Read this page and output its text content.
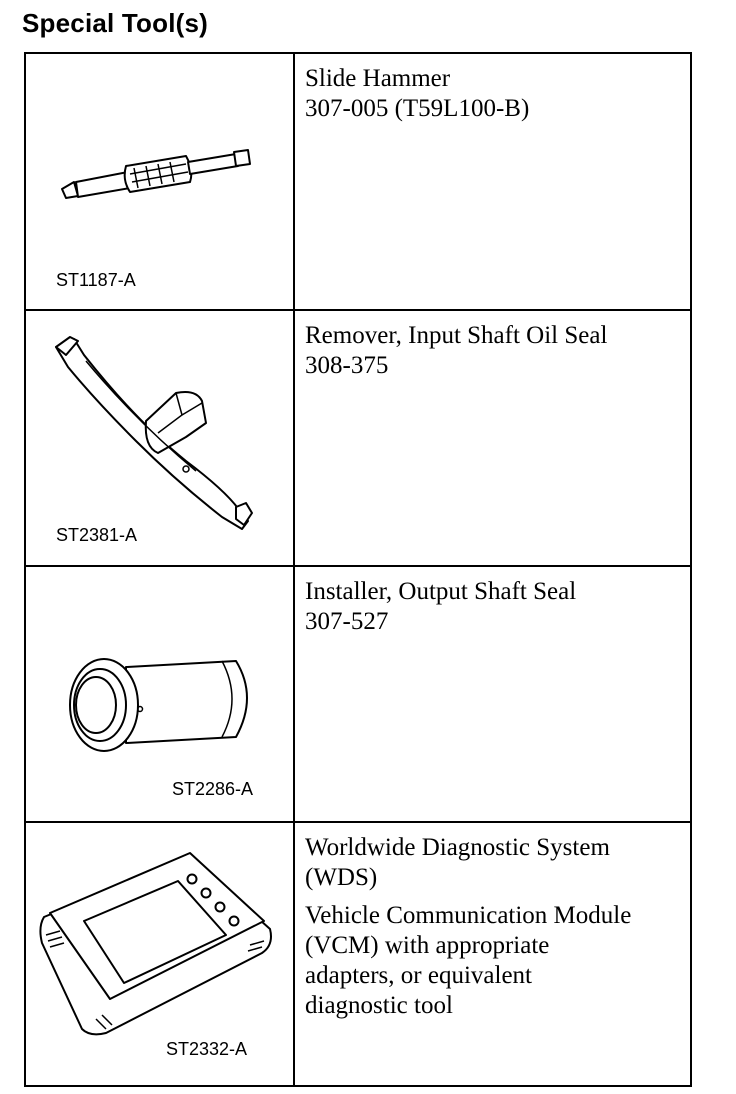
Special Tool(s)
ST1187-A
Slide Hammer
307-005 (T59L100-B)
ST2381-A
Remover, Input Shaft Oil Seal
308-375
ST2286-A
Installer, Output Shaft Seal
307-527
ST2332-A
Worldwide Diagnostic System
(WDS)
Vehicle Communication Module
(VCM) with appropriate
adapters, or equivalent
diagnostic tool
